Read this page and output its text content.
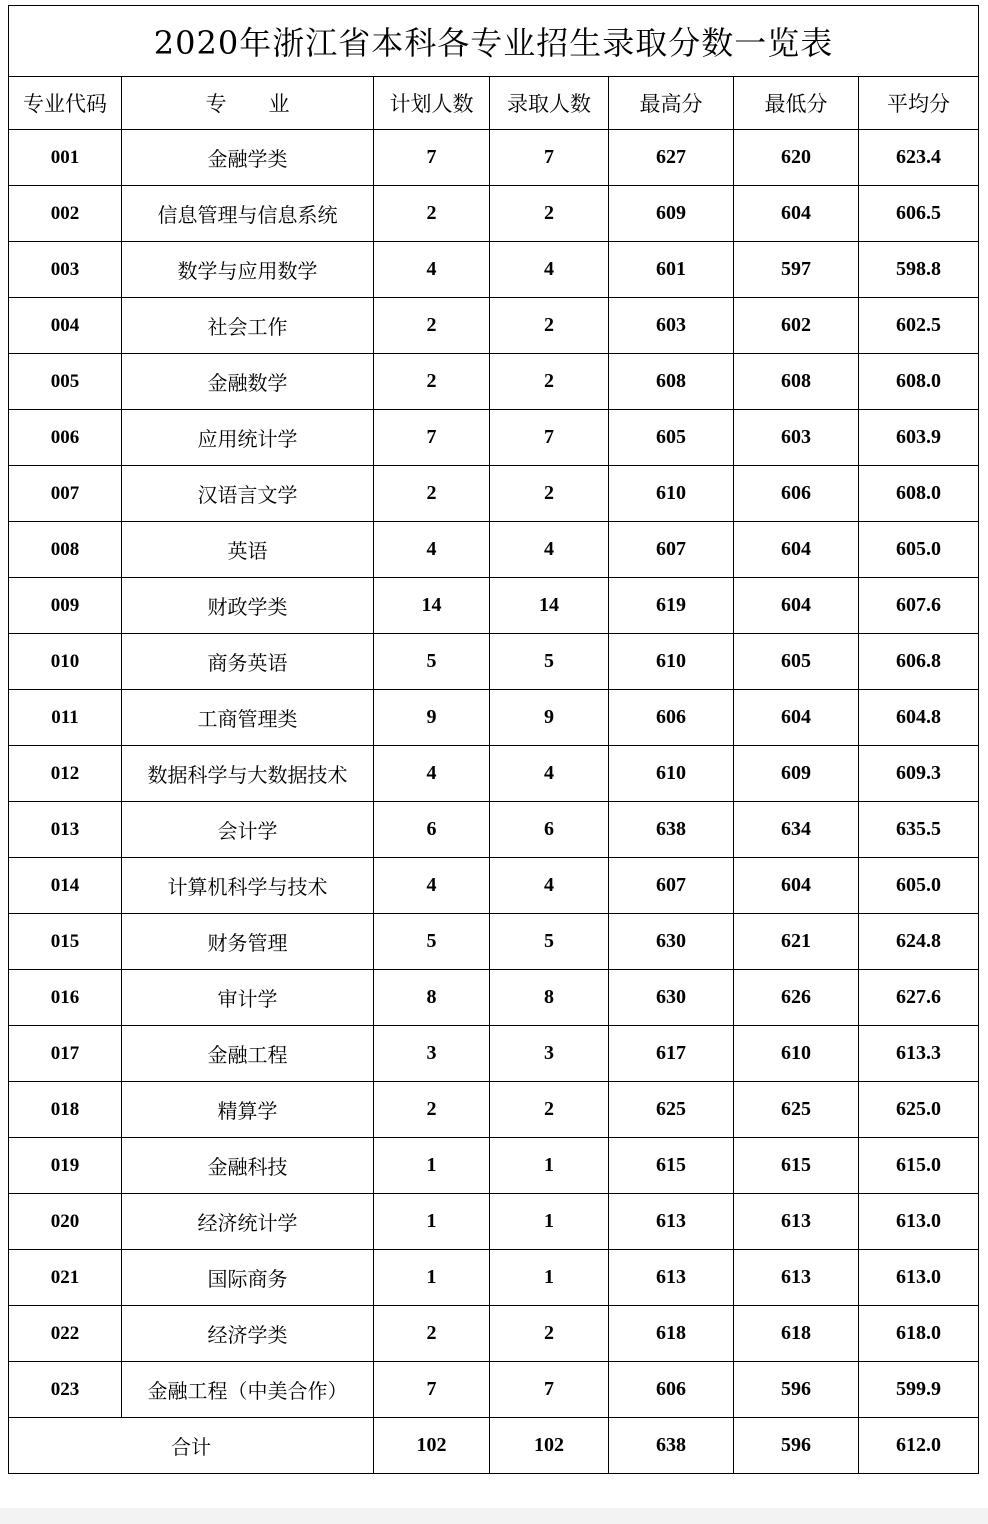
2020年浙江省本科各专业招生录取分数一览表						
专业代码	专　　业	计划人数	录取人数	最高分	最低分	平均分
001	金融学类	7	7	627	620	623.4
002	信息管理与信息系统	2	2	609	604	606.5
003	数学与应用数学	4	4	601	597	598.8
004	社会工作	2	2	603	602	602.5
005	金融数学	2	2	608	608	608.0
006	应用统计学	7	7	605	603	603.9
007	汉语言文学	2	2	610	606	608.0
008	英语	4	4	607	604	605.0
009	财政学类	14	14	619	604	607.6
010	商务英语	5	5	610	605	606.8
011	工商管理类	9	9	606	604	604.8
012	数据科学与大数据技术	4	4	610	609	609.3
013	会计学	6	6	638	634	635.5
014	计算机科学与技术	4	4	607	604	605.0
015	财务管理	5	5	630	621	624.8
016	审计学	8	8	630	626	627.6
017	金融工程	3	3	617	610	613.3
018	精算学	2	2	625	625	625.0
019	金融科技	1	1	615	615	615.0
020	经济统计学	1	1	613	613	613.0
021	国际商务	1	1	613	613	613.0
022	经济学类	2	2	618	618	618.0
023	金融工程（中美合作）	7	7	606	596	599.9
合计		102	102	638	596	612.0
